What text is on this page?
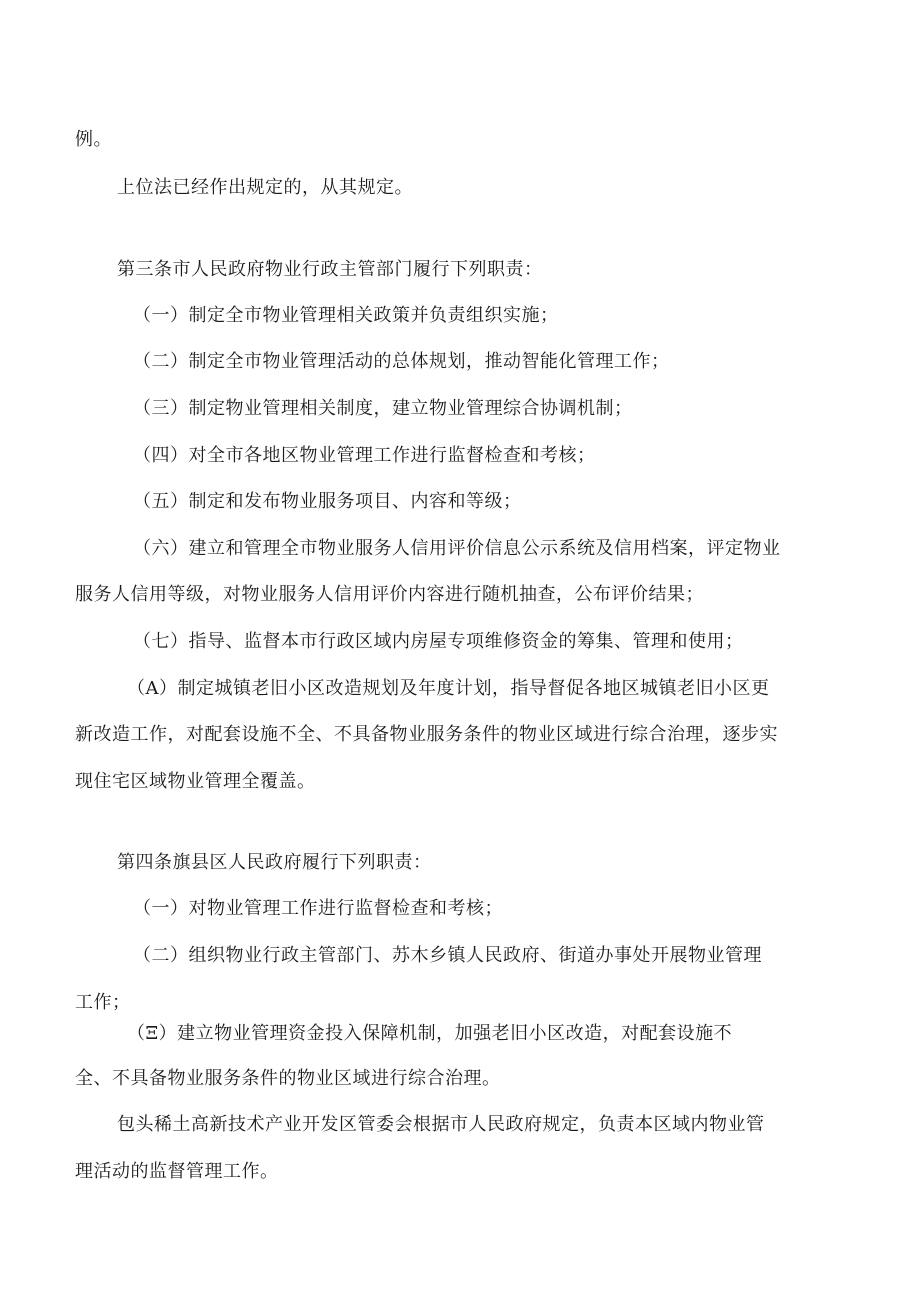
例。
上位法已经作出规定的，从其规定。
第三条市人民政府物业行政主管部门履行下列职责：
（一）制定全市物业管理相关政策并负责组织实施；
（二）制定全市物业管理活动的总体规划，推动智能化管理工作；
（三）制定物业管理相关制度，建立物业管理综合协调机制；
（四）对全市各地区物业管理工作进行监督检查和考核；
（五）制定和发布物业服务项目、内容和等级；
（六）建立和管理全市物业服务人信用评价信息公示系统及信用档案，评定物业
服务人信用等级，对物业服务人信用评价内容进行随机抽查，公布评价结果；
（七）指导、监督本市行政区域内房屋专项维修资金的筹集、管理和使用；
（A）制定城镇老旧小区改造规划及年度计划，指导督促各地区城镇老旧小区更
新改造工作，对配套设施不全、不具备物业服务条件的物业区域进行综合治理，逐步实
现住宅区域物业管理全覆盖。
第四条旗县区人民政府履行下列职责：
（一）对物业管理工作进行监督检查和考核；
（二）组织物业行政主管部门、苏木乡镇人民政府、街道办事处开展物业管理
工作；
（Ξ）建立物业管理资金投入保障机制，加强老旧小区改造，对配套设施不
全、不具备物业服务条件的物业区域进行综合治理。
包头稀土高新技术产业开发区管委会根据市人民政府规定，负责本区域内物业管
理活动的监督管理工作。
